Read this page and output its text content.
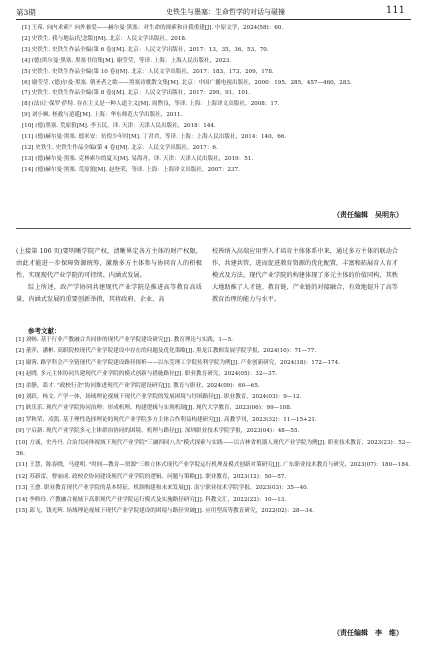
第3期	史铁生与墨塞：生命哲学的对话与碰撞	111
[1] 王希. 向内求索？向外兼爱——赫尔曼·黑塞：对生命的探索和自我重建[J]. 中原文学，2024(58)：60.
[2] 史铁生. 我与地坛(纪念版)[M]. 北京：人民文学出版社，2018.
[3] 史铁生. 史铁生作品全编(第 6 卷)[M]. 北京：人民文学出版社，2017：13，35，36，53，70.
[4] (德)黑尔曼·黑塞. 黑塞书信集[M]. 谢莹莹，等译. 上海：上海人民出版社，2023.
[5] 史铁生. 史铁生作品全编(第 10 卷)[M]. 北京：人民文学出版社，2017：183，173，209，178.
[6] 谢莹莹. (德)尔曼·黑塞. 朝圣者之歌——黑塞诗歌散文集[M]. 北京：中国广播电视出版社，2000：195，285，457—460，283.
[7] 史铁生. 史铁生作品全编(第 8 卷)[M]. 北京：人民文学出版社，2017：299，91，101.
[8] (法)让·保罗·萨特. 存在主义是一种人道主义[M]. 周煦良，等译. 上海：上海译文出版社，2008：17.
[9] 刘小枫. 拯救与逍遥[M]. 上海：华东师范大学出版社，2011.
[10] (德)黑塞. 荒原狼[M]. 李玉民，译. 天津：天津人民出版社，2018：144.
[11] (德)赫尔曼·黑塞. 德米安：彷徨少年时[M]. 丁君君，等译. 上海：上海人民出版社，2014：140，66.
[12] 史铁生. 史铁生作品全编(第 4 卷)[M]. 北京：人民文学出版社，2017：6.
[13] (德)赫尔曼·黑塞. 克林索尔的夏天[M]. 易海舟，译. 天津：天津人民出版社，2019：51.
[14] (德)赫尔曼·黑塞. 荒原狼[M]. 赵登荣，等译. 上海：上海译文出版社，2007：237.
（责任编辑　吴明东）

(上接第 106 页)要明晰学院产权，清晰界定各方主体的财产权限，由此才能进一步保障资源统筹，激励多方主体参与协同育人的积极性，实现现代产业学院的可持续、内涵式发展。

综上所述，政产学协同共建现代产业学院是推进高等教育高质量、内涵式发展的重要创新举措，其将政府、企业、高

校皆纳入高端应用型人才培育主体体系中来，通过多方主体的联动合作，共建共管，进而促进教育资源的优化配置，丰富和拓展育人育才模式及方法。现代产业学院的构建体现了多元主体的价值同构，其秩大地助推了人才链、教育链、产业链的对接融合，有效地提升了高等教育治理的能力与水平。

参考文献：
[1] 刘畅. 基于行业产教融合共同体的现代产业学院建设研究[J]. 教育理论与实践，1—5.
[2] 董萍，潘彬. 高职院校现代产业学院建设中存在的问题及优化策略[J]. 黑龙江教师发展学院学报，2024(10)：71—77.
[3] 谢蓉. 路学科会产全链现代产业学院建设路径探析——以东莞理工学院传利学院为例[J]. 产业创新研究，2024(18)：172—174.
[4] 赵晓. 多元主体协同共建现代产业学院的模式创新与措施路径[J]. 职业教育研究，2024(05)：32—37.
[5] 余静，葛才. "政校行企"协同推进现代产业学院建设研究[J]. 教育与职业，2024(09)：60—65.
[6] 刘跃，杨文. 产学一体，场域理论视域下现代产业学院的发展困境与纾困路径[J]. 职业教育，2024(03)：9—12.
[7] 耿乐乐. 现代产业学院协同治理：形成机理、构建逻辑与实现机制[J]. 现代大学教育，2023(06)：99—108.
[8] 罗秋荣，凌凯. 基于理性选择理论的现代产业学院多方主体合作利益构建研究[J]. 高教学刊，2023(32)：11—15+21.
[9] 宁启新. 现代产业学院多元主体群治协同的困境、机理与路径[J]. 深圳职业技术学院学报，2023(04)：48—55.
[10] 方诚，史丹丹. 合治共同体视域下现代产业学院"三融四同八共"模式探索与实践——以吉林省机器人现代产业学院为例[J]. 职业技术教育，2023(23)：52—56.
[11] 王慧，陈春晓，马建明. "时间—教育—资源"三维立体式现代产业学院运行机理及模式创新对策研究[J]. 广东职业技术教育与研究，2023(07)：180—184.
[12] 苏新雷，曹丽成. 政校企协同建设现代产业学院的逻辑、问题与策略[J]. 职业教育，2023(12)：50—57.
[13] 王愈. 职业教育现代产业学院的基本特征、机制构建和未来发展[J]. 南宁职业技术学院学报，2023(03)：35—40.
[14] 李修玲. 产教融合视域下高职现代产业学院运行模式及实施路径研究[J]. 科教文汇，2022(22)：10—13.
[15] 邱飞，钱光辉. 场域理论视域下现代产业学院建设的困境与路径突破[J]. 应用型高等教育研究，2022(02)：28—34.
（责任编辑　李　维）
